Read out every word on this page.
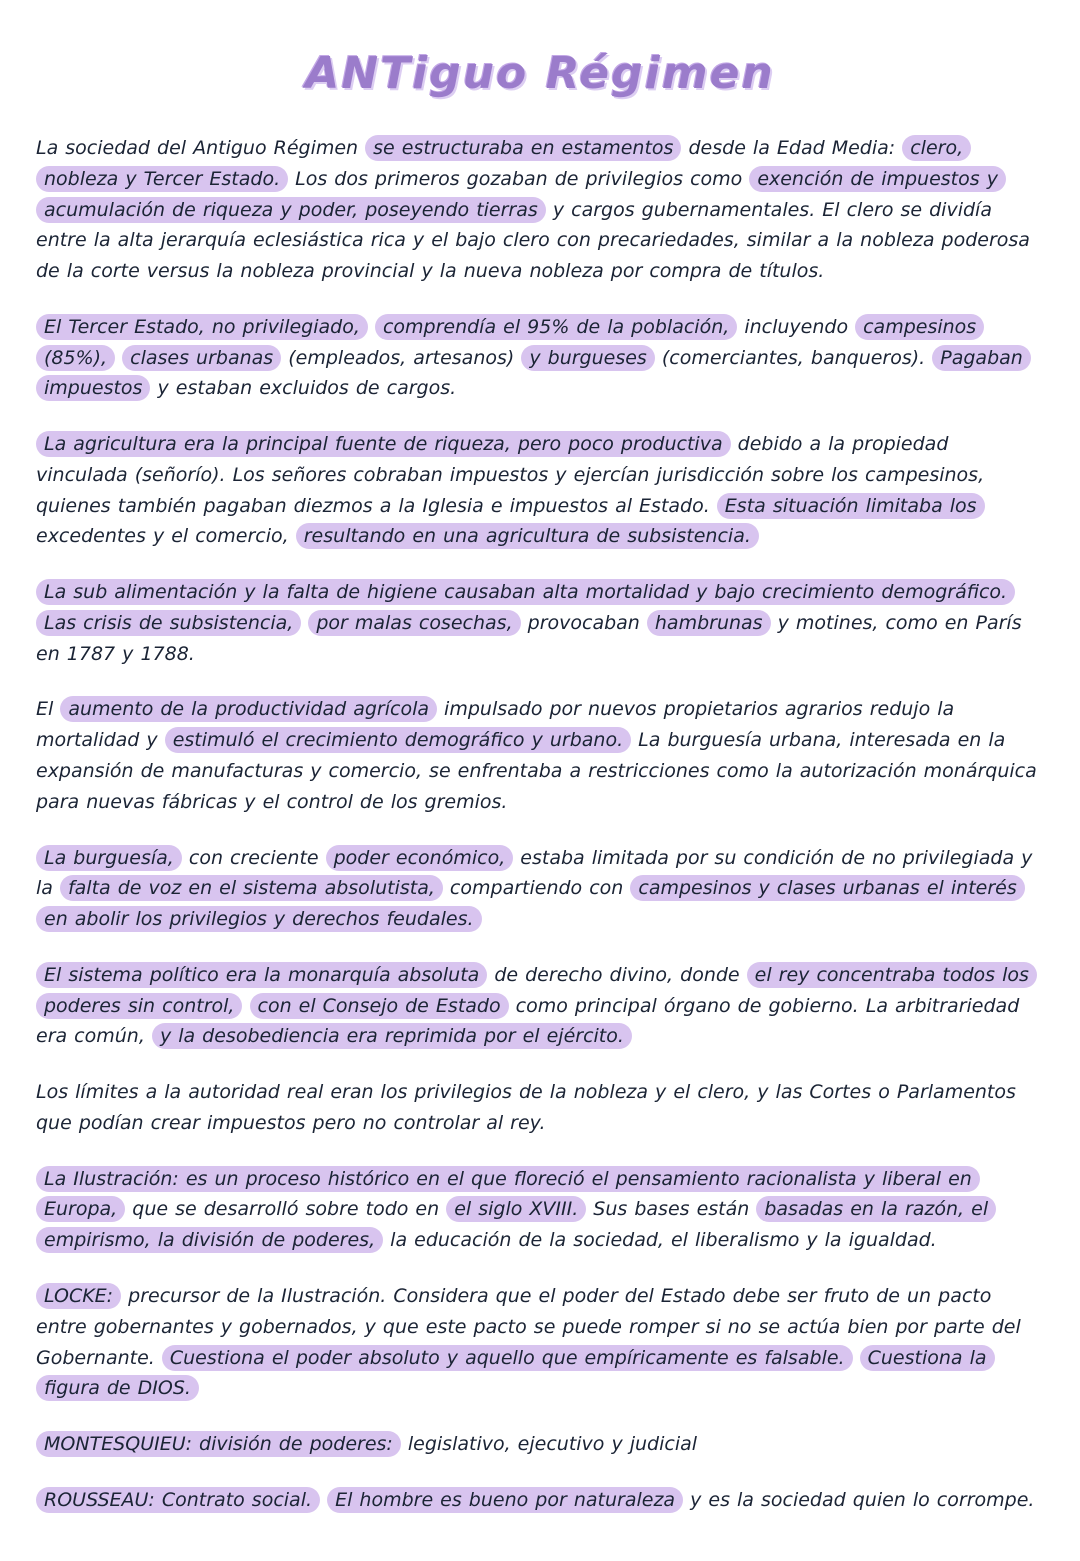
ANTiguo Régimen

La sociedad del Antiguo Régimen se estructuraba en estamentos desde la Edad Media: clero, nobleza y Tercer Estado. Los dos primeros gozaban de privilegios como exención de impuestos y acumulación de riqueza y poder, poseyendo tierras y cargos gubernamentales. El clero se dividía entre la alta jerarquía eclesiástica rica y el bajo clero con precariedades, similar a la nobleza poderosa de la corte versus la nobleza provincial y la nueva nobleza por compra de títulos.

El Tercer Estado, no privilegiado, comprendía el 95% de la población, incluyendo campesinos (85%), clases urbanas (empleados, artesanos) y burgueses (comerciantes, banqueros). Pagaban impuestos y estaban excluidos de cargos.

La agricultura era la principal fuente de riqueza, pero poco productiva debido a la propiedad vinculada (señorío). Los señores cobraban impuestos y ejercían jurisdicción sobre los campesinos, quienes también pagaban diezmos a la Iglesia e impuestos al Estado. Esta situación limitaba los excedentes y el comercio, resultando en una agricultura de subsistencia.

La sub alimentación y la falta de higiene causaban alta mortalidad y bajo crecimiento demográfico. Las crisis de subsistencia, por malas cosechas, provocaban hambrunas y motines, como en París en 1787 y 1788.

El aumento de la productividad agrícola impulsado por nuevos propietarios agrarios redujo la mortalidad y estimuló el crecimiento demográfico y urbano. La burguesía urbana, interesada en la expansión de manufacturas y comercio, se enfrentaba a restricciones como la autorización monárquica para nuevas fábricas y el control de los gremios.

La burguesía, con creciente poder económico, estaba limitada por su condición de no privilegiada y la falta de voz en el sistema absolutista, compartiendo con campesinos y clases urbanas el interés en abolir los privilegios y derechos feudales.

El sistema político era la monarquía absoluta de derecho divino, donde el rey concentraba todos los poderes sin control, con el Consejo de Estado como principal órgano de gobierno. La arbitrariedad era común, y la desobediencia era reprimida por el ejército.

Los límites a la autoridad real eran los privilegios de la nobleza y el clero, y las Cortes o Parlamentos que podían crear impuestos pero no controlar al rey.

La Ilustración: es un proceso histórico en el que floreció el pensamiento racionalista y liberal en Europa, que se desarrolló sobre todo en el siglo XVIII. Sus bases están basadas en la razón, el empirismo, la división de poderes, la educación de la sociedad, el liberalismo y la igualdad.

LOCKE: precursor de la Ilustración. Considera que el poder del Estado debe ser fruto de un pacto entre gobernantes y gobernados, y que este pacto se puede romper si no se actúa bien por parte del Gobernante. Cuestiona el poder absoluto y aquello que empíricamente es falsable. Cuestiona la figura de DIOS.

MONTESQUIEU: división de poderes: legislativo, ejecutivo y judicial

ROUSSEAU: Contrato social. El hombre es bueno por naturaleza y es la sociedad quien lo corrompe.
